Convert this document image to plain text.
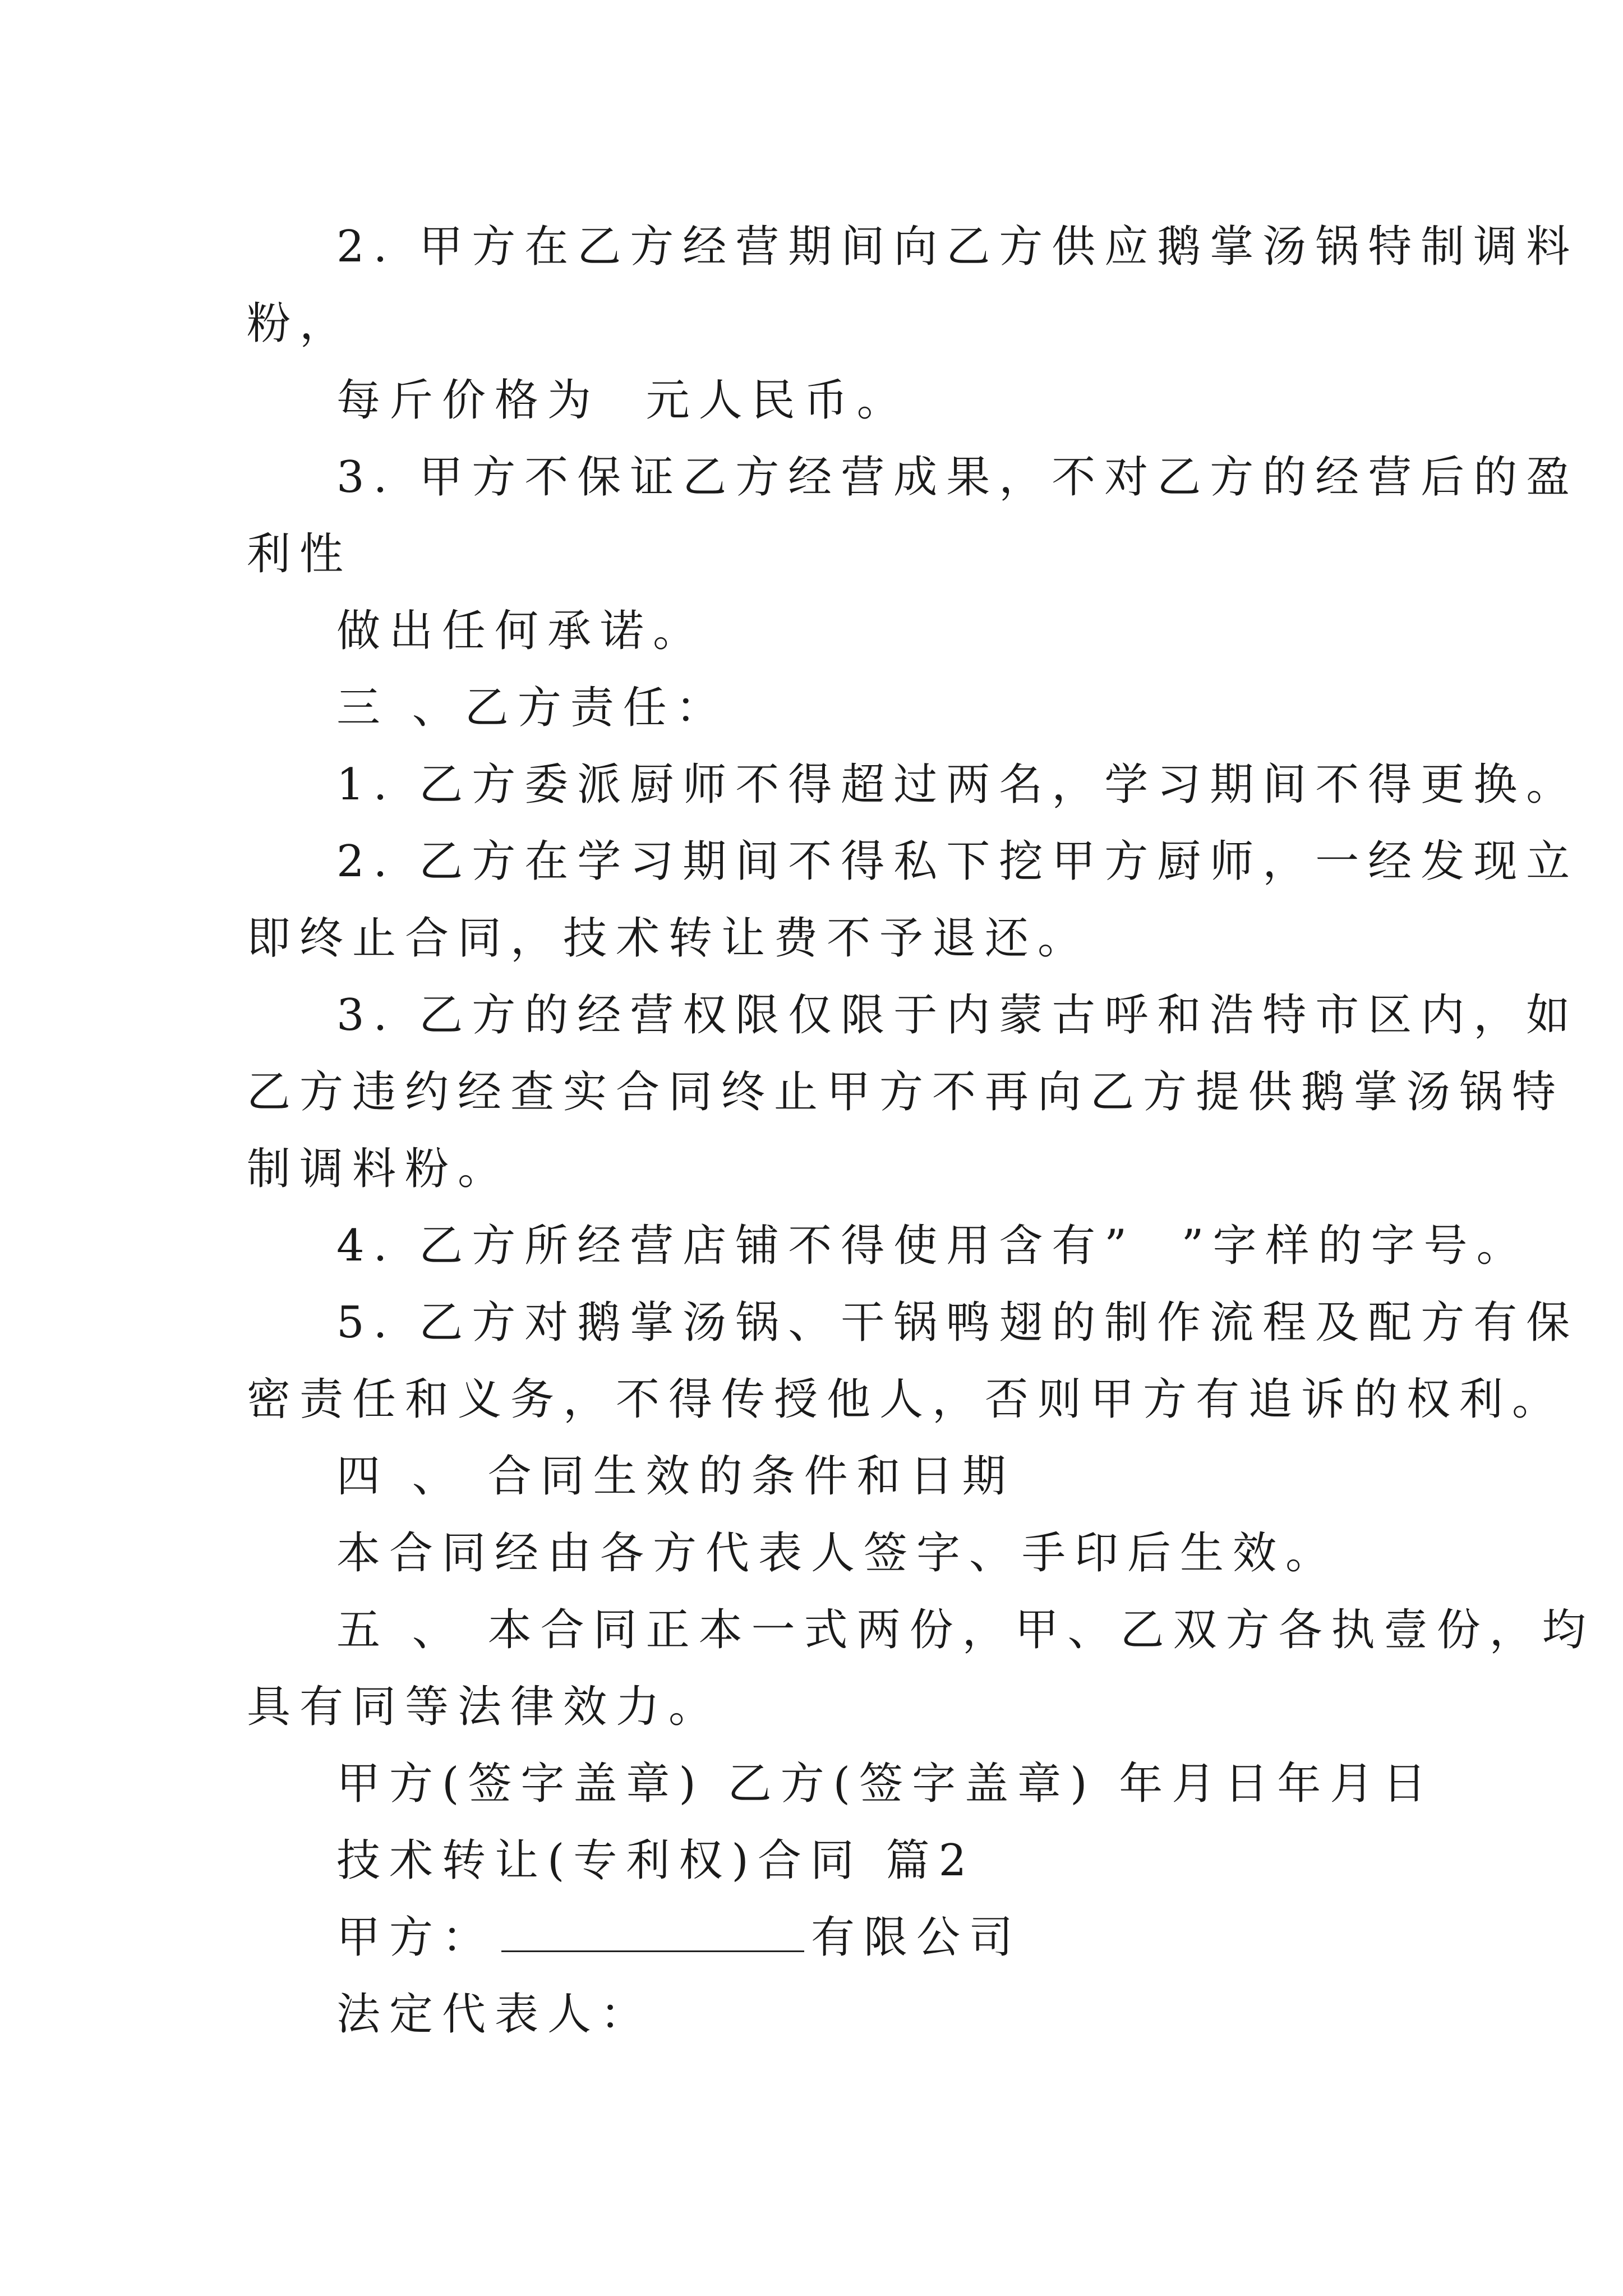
2. 甲方在乙方经营期间向乙方供应鹅掌汤锅特制调料
粉，
每斤价格为  元人民币。
3. 甲方不保证乙方经营成果，不对乙方的经营后的盈
利性
做出任何承诺。
三 、乙方责任：
1. 乙方委派厨师不得超过两名，学习期间不得更换。
2. 乙方在学习期间不得私下挖甲方厨师，一经发现立
即终止合同，技术转让费不予退还。
3. 乙方的经营权限仅限于内蒙古呼和浩特市区内，如
乙方违约经查实合同终止甲方不再向乙方提供鹅掌汤锅特
制调料粉。
4. 乙方所经营店铺不得使用含有”  ”字样的字号。
5. 乙方对鹅掌汤锅、干锅鸭翅的制作流程及配方有保
密责任和义务，不得传授他人，否则甲方有追诉的权利。
四 、 合同生效的条件和日期
本合同经由各方代表人签字、手印后生效。
五 、 本合同正本一式两份，甲、乙双方各执壹份，均
具有同等法律效力。
甲方(签字盖章) 乙方(签字盖章) 年月日年月日
技术转让(专利权)合同 篇2
甲方：	有限公司
法定代表人：
